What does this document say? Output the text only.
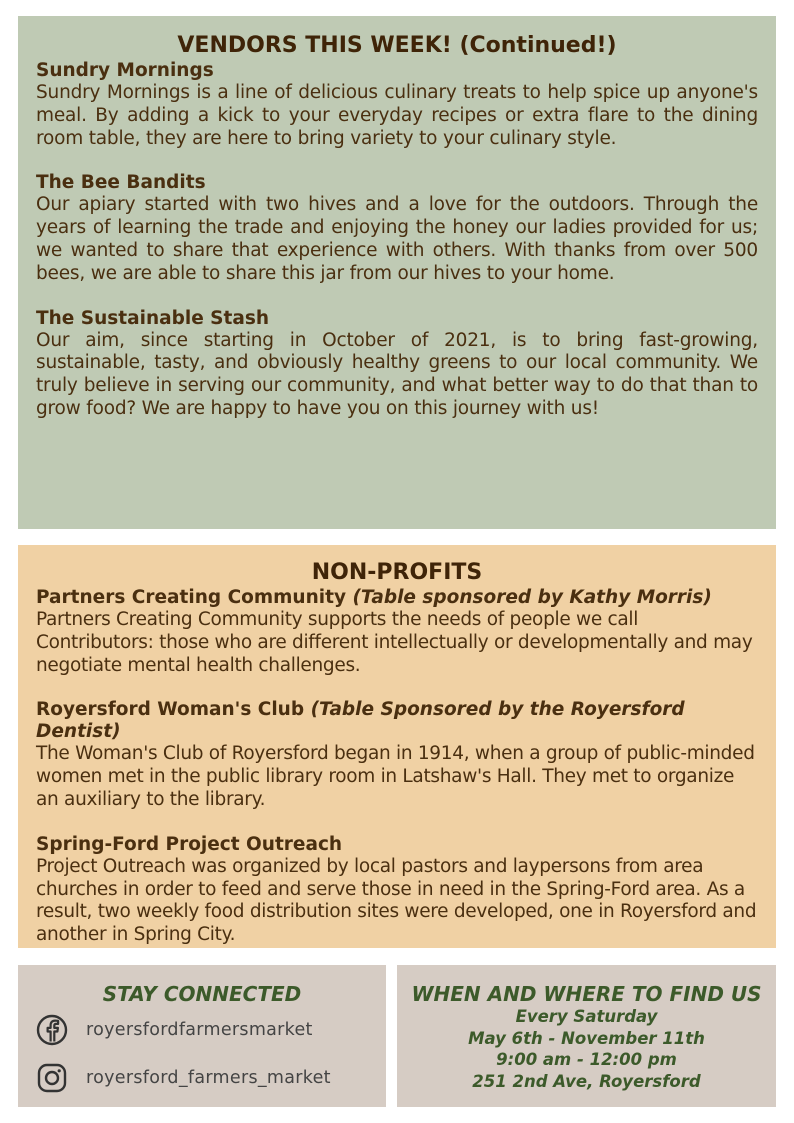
VENDORS THIS WEEK! (Continued!)
Sundry Mornings
Sundry Mornings is a line of delicious culinary treats to help spice up anyone's meal. By adding a kick to your everyday recipes or extra flare to the dining room table, they are here to bring variety to your culinary style.
The Bee Bandits
Our apiary started with two hives and a love for the outdoors. Through the years of learning the trade and enjoying the honey our ladies provided for us; we wanted to share that experience with others. With thanks from over 500 bees, we are able to share this jar from our hives to your home.
The Sustainable Stash
Our aim, since starting in October of 2021, is to bring fast-growing, sustainable, tasty, and obviously healthy greens to our local community. We truly believe in serving our community, and what better way to do that than to grow food? We are happy to have you on this journey with us!
NON-PROFITS
Partners Creating Community (Table sponsored by Kathy Morris)
Partners Creating Community supports the needs of people we call Contributors: those who are different intellectually or developmentally and may negotiate mental health challenges.
Royersford Woman's Club (Table Sponsored by the Royersford Dentist)
The Woman's Club of Royersford began in 1914, when a group of public-minded women met in the public library room in Latshaw's Hall. They met to organize an auxiliary to the library.
Spring-Ford Project Outreach
Project Outreach was organized by local pastors and laypersons from area churches in order to feed and serve those in need in the Spring-Ford area. As a result, two weekly food distribution sites were developed, one in Royersford and another in Spring City.
STAY CONNECTED
royersfordfarmersmarket
royersford_farmers_market
WHEN AND WHERE TO FIND US
Every Saturday
May 6th - November 11th
9:00 am - 12:00 pm
251 2nd Ave, Royersford
